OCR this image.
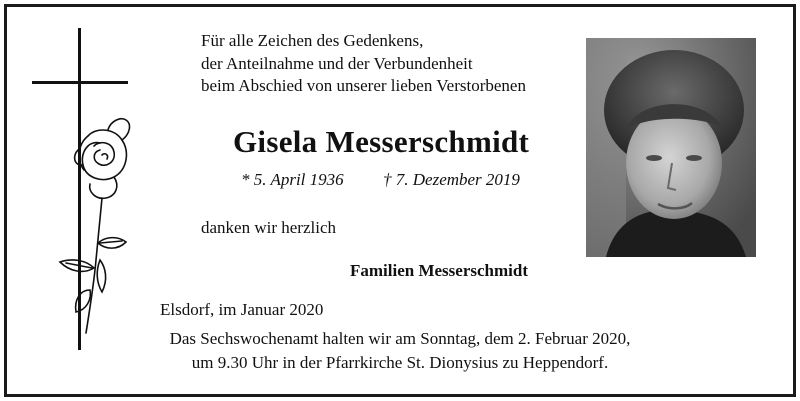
Für alle Zeichen des Gedenkens,
der Anteilnahme und der Verbundenheit
beim Abschied von unserer lieben Verstorbenen
Gisela Messerschmidt
* 5. April 1936 † 7. Dezember 2019
danken wir herzlich
Familien Messerschmidt
Elsdorf, im Januar 2020
Das Sechswochenamt halten wir am Sonntag, dem 2. Februar 2020,
um 9.30 Uhr in der Pfarrkirche St. Dionysius zu Heppendorf.
